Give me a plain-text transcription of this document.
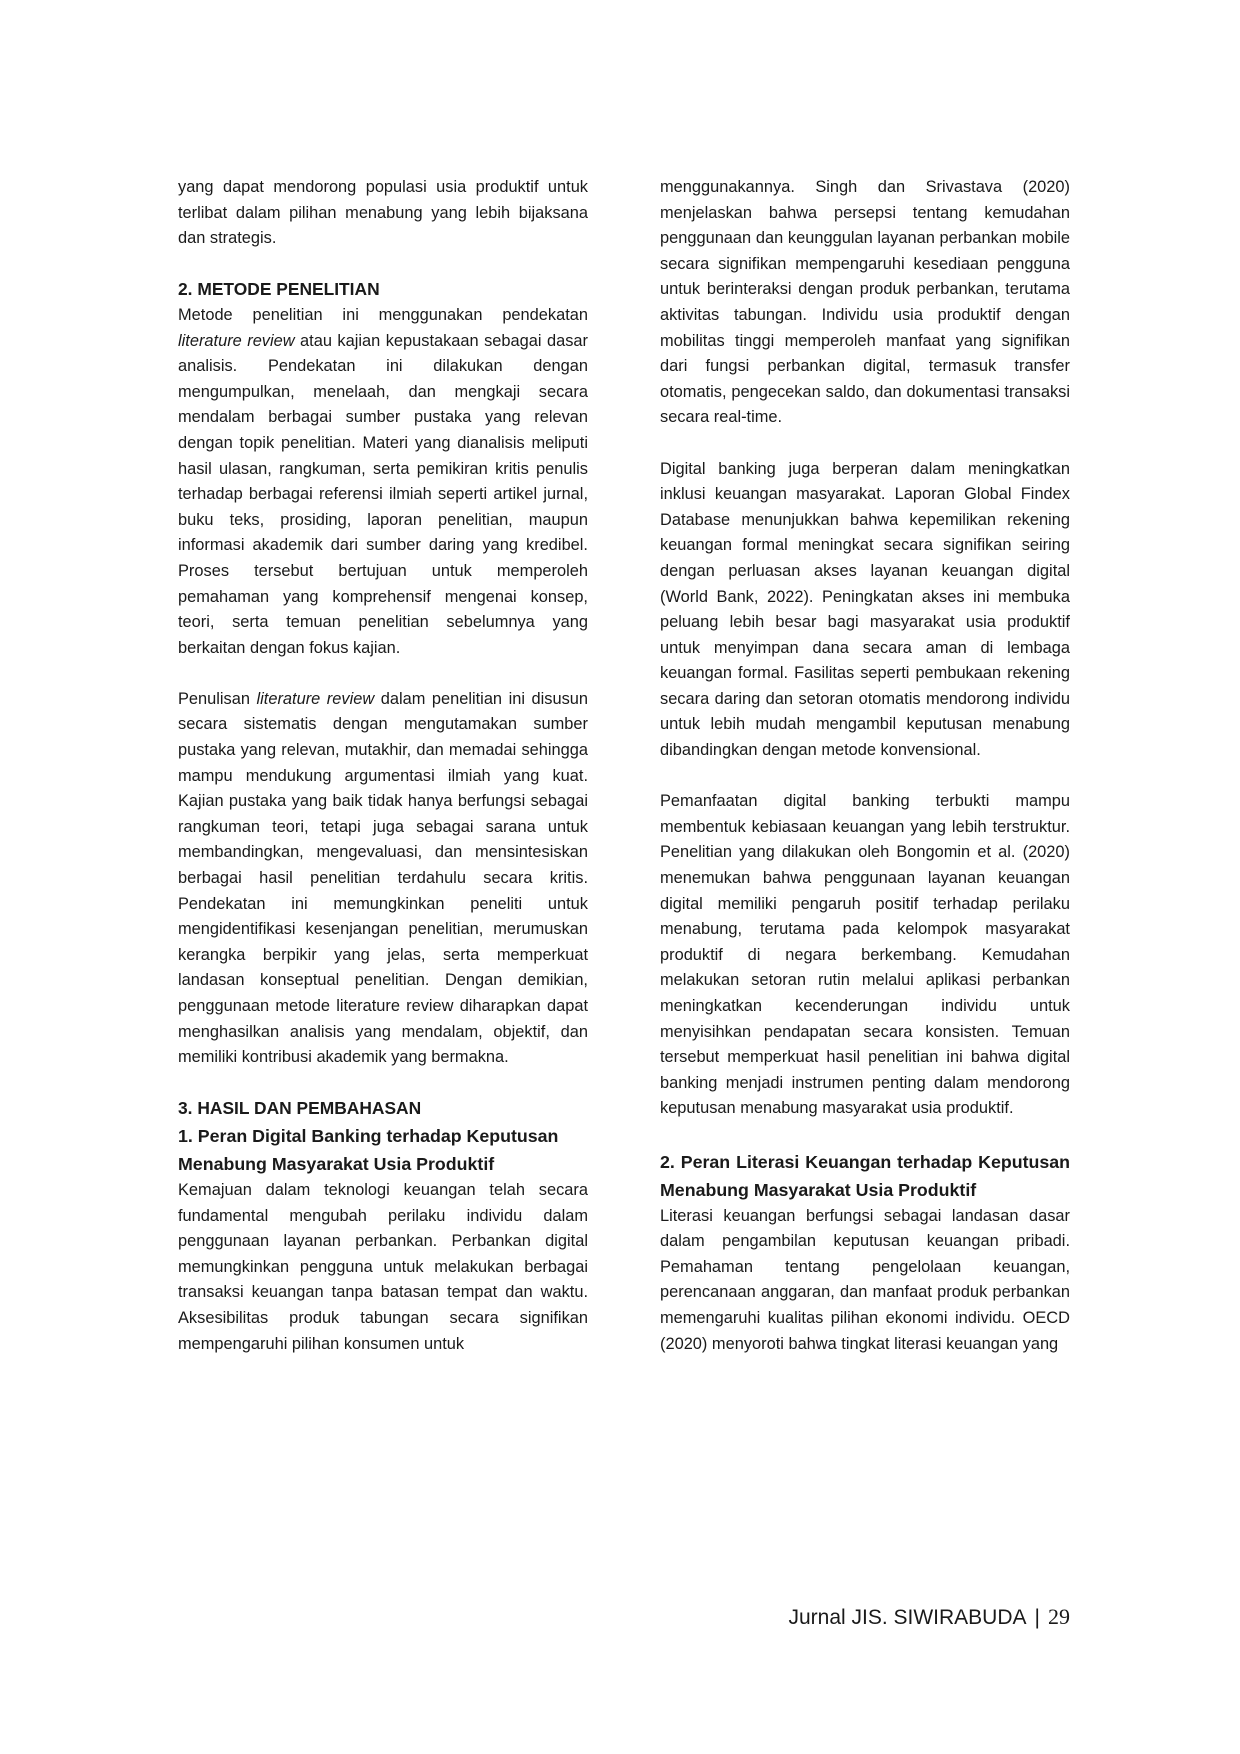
yang dapat mendorong populasi usia produktif untuk terlibat dalam pilihan menabung yang lebih bijaksana dan strategis.

2. METODE PENELITIAN

Metode penelitian ini menggunakan pendekatan literature review atau kajian kepustakaan sebagai dasar analisis. Pendekatan ini dilakukan dengan mengumpulkan, menelaah, dan mengkaji secara mendalam berbagai sumber pustaka yang relevan dengan topik penelitian. Materi yang dianalisis meliputi hasil ulasan, rangkuman, serta pemikiran kritis penulis terhadap berbagai referensi ilmiah seperti artikel jurnal, buku teks, prosiding, laporan penelitian, maupun informasi akademik dari sumber daring yang kredibel. Proses tersebut bertujuan untuk memperoleh pemahaman yang komprehensif mengenai konsep, teori, serta temuan penelitian sebelumnya yang berkaitan dengan fokus kajian.

Penulisan literature review dalam penelitian ini disusun secara sistematis dengan mengutamakan sumber pustaka yang relevan, mutakhir, dan memadai sehingga mampu mendukung argumentasi ilmiah yang kuat. Kajian pustaka yang baik tidak hanya berfungsi sebagai rangkuman teori, tetapi juga sebagai sarana untuk membandingkan, mengevaluasi, dan mensintesiskan berbagai hasil penelitian terdahulu secara kritis. Pendekatan ini memungkinkan peneliti untuk mengidentifikasi kesenjangan penelitian, merumuskan kerangka berpikir yang jelas, serta memperkuat landasan konseptual penelitian. Dengan demikian, penggunaan metode literature review diharapkan dapat menghasilkan analisis yang mendalam, objektif, dan memiliki kontribusi akademik yang bermakna.

3. HASIL DAN PEMBAHASAN
1. Peran Digital Banking terhadap Keputusan Menabung Masyarakat Usia Produktif

Kemajuan dalam teknologi keuangan telah secara fundamental mengubah perilaku individu dalam penggunaan layanan perbankan. Perbankan digital memungkinkan pengguna untuk melakukan berbagai transaksi keuangan tanpa batasan tempat dan waktu. Aksesibilitas produk tabungan secara signifikan mempengaruhi pilihan konsumen untuk

menggunakannya. Singh dan Srivastava (2020) menjelaskan bahwa persepsi tentang kemudahan penggunaan dan keunggulan layanan perbankan mobile secara signifikan mempengaruhi kesediaan pengguna untuk berinteraksi dengan produk perbankan, terutama aktivitas tabungan. Individu usia produktif dengan mobilitas tinggi memperoleh manfaat yang signifikan dari fungsi perbankan digital, termasuk transfer otomatis, pengecekan saldo, dan dokumentasi transaksi secara real-time.

Digital banking juga berperan dalam meningkatkan inklusi keuangan masyarakat. Laporan Global Findex Database menunjukkan bahwa kepemilikan rekening keuangan formal meningkat secara signifikan seiring dengan perluasan akses layanan keuangan digital (World Bank, 2022). Peningkatan akses ini membuka peluang lebih besar bagi masyarakat usia produktif untuk menyimpan dana secara aman di lembaga keuangan formal. Fasilitas seperti pembukaan rekening secara daring dan setoran otomatis mendorong individu untuk lebih mudah mengambil keputusan menabung dibandingkan dengan metode konvensional.

Pemanfaatan digital banking terbukti mampu membentuk kebiasaan keuangan yang lebih terstruktur. Penelitian yang dilakukan oleh Bongomin et al. (2020) menemukan bahwa penggunaan layanan keuangan digital memiliki pengaruh positif terhadap perilaku menabung, terutama pada kelompok masyarakat produktif di negara berkembang. Kemudahan melakukan setoran rutin melalui aplikasi perbankan meningkatkan kecenderungan individu untuk menyisihkan pendapatan secara konsisten. Temuan tersebut memperkuat hasil penelitian ini bahwa digital banking menjadi instrumen penting dalam mendorong keputusan menabung masyarakat usia produktif.

2. Peran Literasi Keuangan terhadap Keputusan Menabung Masyarakat Usia Produktif

Literasi keuangan berfungsi sebagai landasan dasar dalam pengambilan keputusan keuangan pribadi. Pemahaman tentang pengelolaan keuangan, perencanaan anggaran, dan manfaat produk perbankan memengaruhi kualitas pilihan ekonomi individu. OECD (2020) menyoroti bahwa tingkat literasi keuangan yang

Jurnal JIS. SIWIRABUDA | 29
